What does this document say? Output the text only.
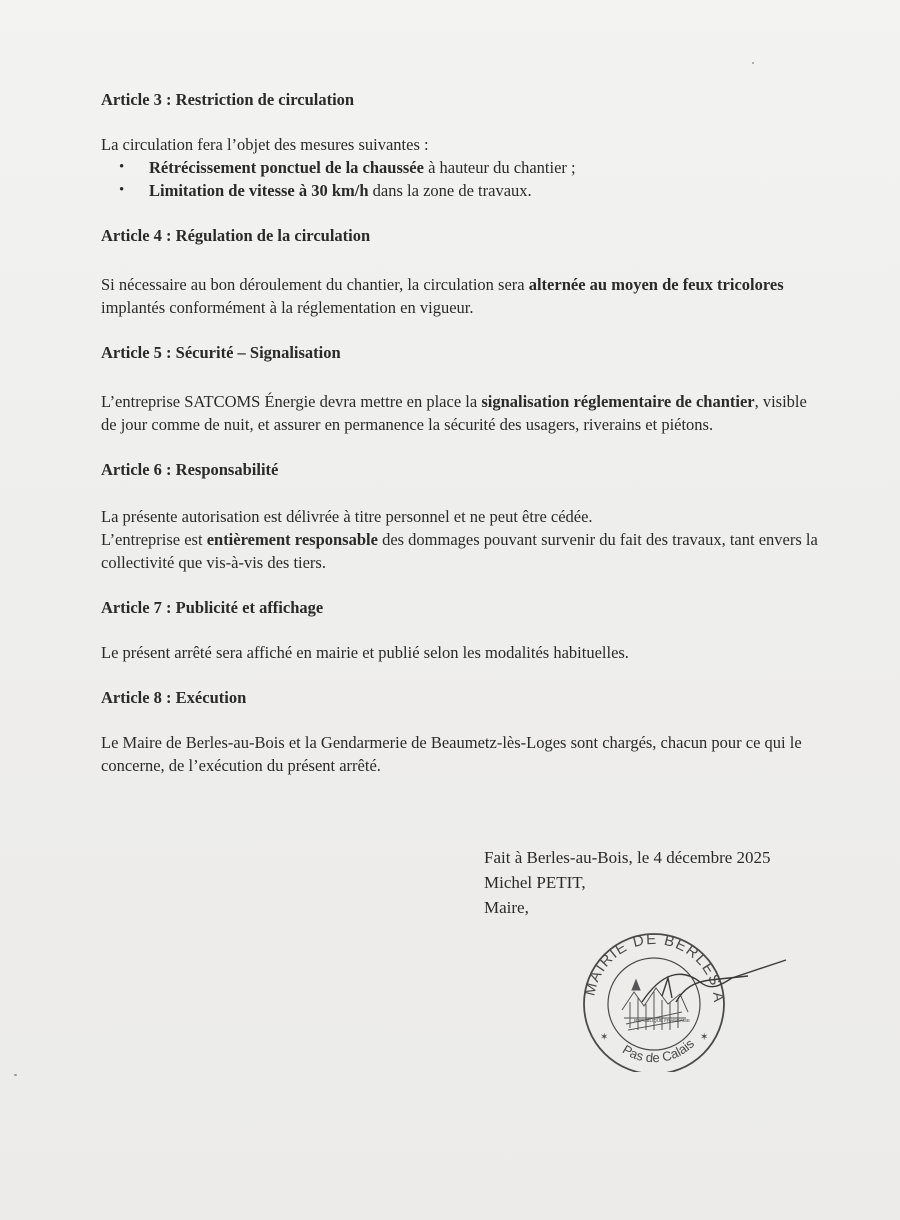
Article 3 : Restriction de circulation

La circulation fera l’objet des mesures suivantes :

• Rétrécissement ponctuel de la chaussée à hauteur du chantier ;
• Limitation de vitesse à 30 km/h dans la zone de travaux.

Article 4 : Régulation de la circulation

Si nécessaire au bon déroulement du chantier, la circulation sera alternée au moyen de feux tricolores implantés conformément à la réglementation en vigueur.

Article 5 : Sécurité – Signalisation

L’entreprise SATCOMS Énergie devra mettre en place la signalisation réglementaire de chantier, visible de jour comme de nuit, et assurer en permanence la sécurité des usagers, riverains et piétons.

Article 6 : Responsabilité

La présente autorisation est délivrée à titre personnel et ne peut être cédée.

L’entreprise est entièrement responsable des dommages pouvant survenir du fait des travaux, tant envers la collectivité que vis-à-vis des tiers.

Article 7 : Publicité et affichage

Le présent arrêté sera affiché en mairie et publié selon les modalités habituelles.

Article 8 : Exécution

Le Maire de Berles-au-Bois et la Gendarmerie de Beaumetz-lès-Loges sont chargés, chacun pour ce qui le concerne, de l’exécution du présent arrêté.

Fait à Berles-au-Bois, le 4 décembre 2025
Michel PETIT,
Maire,
MAIRIE DE BERLES A
Pas de Calais
RÉPUBLIQUE FRANÇAISE
✶	✶
